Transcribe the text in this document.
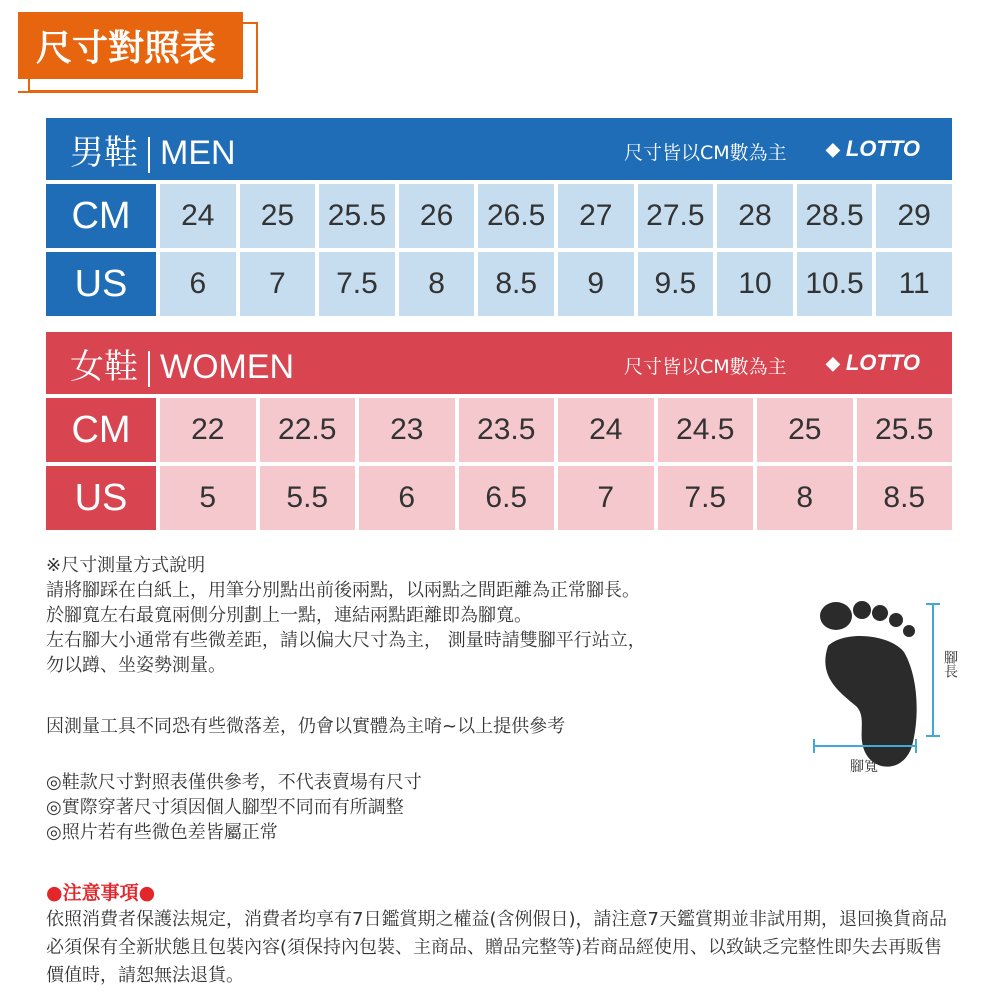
尺寸對照表
男鞋 MEN	尺寸皆以CM數為主 ◆ LOTTO
CM	24	25	25.5	26	26.5	27	27.5	28	28.5	29
US	6	7	7.5	8	8.5	9	9.5	10	10.5	11
女鞋 WOMEN	尺寸皆以CM數為主 ◆ LOTTO
CM	22	22.5	23	23.5	24	24.5	25	25.5
US	5	5.5	6	6.5	7	7.5	8	8.5
※尺寸測量方式說明
請將腳踩在白紙上，用筆分別點出前後兩點，以兩點之間距離為正常腳長。
於腳寬左右最寬兩側分別劃上一點，連結兩點距離即為腳寬。
左右腳大小通常有些微差距，請以偏大尺寸為主， 測量時請雙腳平行站立，
勿以蹲、坐姿勢測量。
因測量工具不同恐有些微落差，仍會以實體為主唷~以上提供參考
◎鞋款尺寸對照表僅供參考，不代表賣場有尺寸
◎實際穿著尺寸須因個人腳型不同而有所調整
◎照片若有些微色差皆屬正常
腳長
腳寬
●注意事項●
依照消費者保護法規定，消費者均享有7日鑑賞期之權益(含例假日)，請注意7天鑑賞期並非試用期，退回換貨商品必須保有全新狀態且包裝內容(須保持內包裝、主商品、贈品完整等)若商品經使用、以致缺乏完整性即失去再販售價值時，請恕無法退貨。
